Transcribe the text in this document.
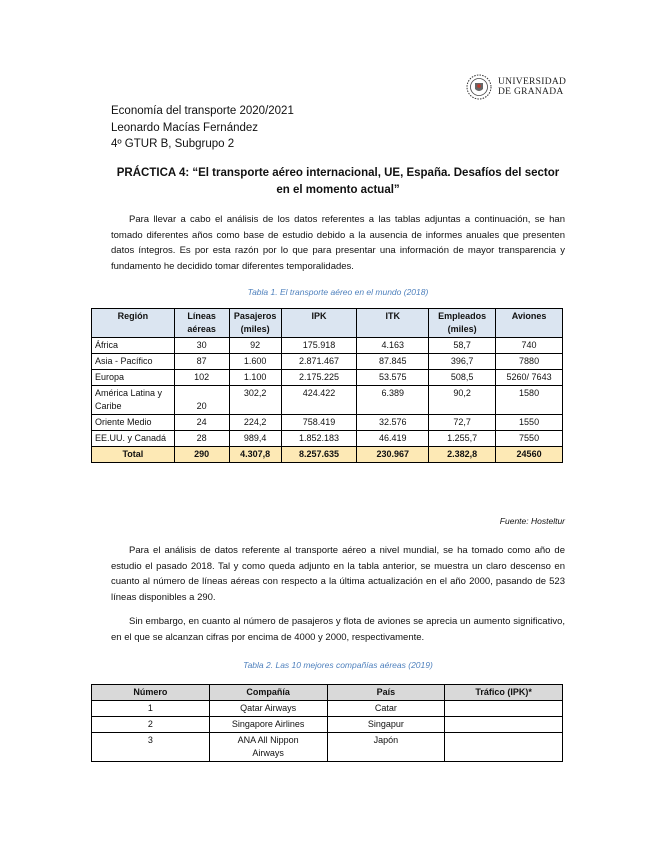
UNIVERSIDAD
DE GRANADA
Economía del transporte 2020/2021
Leonardo Macías Fernández
4º GTUR B, Subgrupo 2
PRÁCTICA 4: “El transporte aéreo internacional, UE, España. Desafíos del sector en el momento actual”
Para llevar a cabo el análisis de los datos referentes a las tablas adjuntas a continuación, se han tomado diferentes años como base de estudio debido a la ausencia de informes anuales que presenten datos íntegros. Es por esta razón por lo que para presentar una información de mayor transparencia y fundamento he decidido tomar diferentes temporalidades.
Tabla 1. El transporte aéreo en el mundo (2018)
Región	Líneas aéreas	Pasajeros (miles)	IPK	ITK	Empleados (miles)	Aviones
África	30	92	175.918	4.163	58,7	740
Asia - Pacífico	87	1.600	2.871.467	87.845	396,7	7880
Europa	102	1.100	2.175.225	53.575	508,5	5260/ 7643
América Latina y Caribe	20	302,2	424.422	6.389	90,2	1580
Oriente Medio	24	224,2	758.419	32.576	72,7	1550
EE.UU. y Canadá	28	989,4	1.852.183	46.419	1.255,7	7550
Total	290	4.307,8	8.257.635	230.967	2.382,8	24560
Fuente: Hosteltur
Para el análisis de datos referente al transporte aéreo a nivel mundial, se ha tomado como año de estudio el pasado 2018. Tal y como queda adjunto en la tabla anterior, se muestra un claro descenso en cuanto al número de líneas aéreas con respecto a la última actualización en el año 2000, pasando de 523 líneas disponibles a 290.
Sin embargo, en cuanto al número de pasajeros y flota de aviones se aprecia un aumento significativo, en el que se alcanzan cifras por encima de 4000 y 2000, respectivamente.
Tabla 2. Las 10 mejores compañías aéreas (2019)
Número	Compañía	País	Tráfico (IPK)*
1	Qatar Airways	Catar	
2	Singapore Airlines	Singapur	
3	ANA All Nippon Airways	Japón	
